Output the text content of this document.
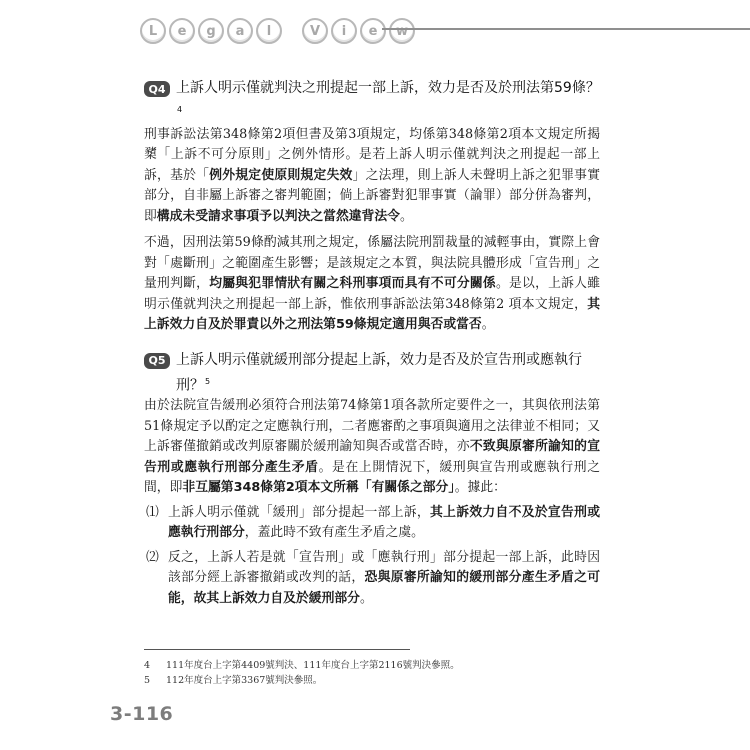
L	e	g	a	l	V	i	e	w
Q4 上訴人明示僅就判決之刑提起一部上訴，效力是否及於刑法第59條？$^4$

刑事訴訟法第348條第2項但書及第3項規定，均係第348條第2項本文規定所揭櫫「上訴不可分原則」之例外情形。是若上訴人明示僅就判決之刑提起一部上訴，基於「例外規定使原則規定失效」之法理，則上訴人未聲明上訴之犯罪事實部分，自非屬上訴審之審判範圍；倘上訴審對犯罪事實（論罪）部分併為審判，即構成未受請求事項予以判決之當然違背法令。

不過，因刑法第59條酌減其刑之規定，係屬法院刑罰裁量的減輕事由，實際上會對「處斷刑」之範圍產生影響；是該規定之本質，與法院具體形成「宣告刑」之量刑判斷，均屬與犯罪情狀有關之科刑事項而具有不可分關係。是以，上訴人雖明示僅就判決之刑提起一部上訴，惟依刑事訴訟法第348條第2 項本文規定，其上訴效力自及於罪責以外之刑法第59條規定適用與否或當否。

Q5 上訴人明示僅就緩刑部分提起上訴，效力是否及於宣告刑或應執行刑？$^5$

由於法院宣告緩刑必須符合刑法第74條第1項各款所定要件之一，其與依刑法第51條規定予以酌定之定應執行刑，二者應審酌之事項與適用之法律並不相同；又上訴審僅撤銷或改判原審關於緩刑諭知與否或當否時，亦不致與原審所諭知的宣告刑或應執行刑部分產生矛盾。是在上開情況下，緩刑與宣告刑或應執行刑之間，即非互屬第348條第2項本文所稱「有關係之部分」。據此：

⑴ 上訴人明示僅就「緩刑」部分提起一部上訴，其上訴效力自不及於宣告刑或應執行刑部分，蓋此時不致有產生矛盾之虞。
⑵ 反之，上訴人若是就「宣告刑」或「應執行刑」部分提起一部上訴，此時因該部分經上訴審撤銷或改判的話，恐與原審所諭知的緩刑部分產生矛盾之可能，故其上訴效力自及於緩刑部分。
4	111年度台上字第4409號判決、111年度台上字第2116號判決參照。
5	112年度台上字第3367號判決參照。
3-116
